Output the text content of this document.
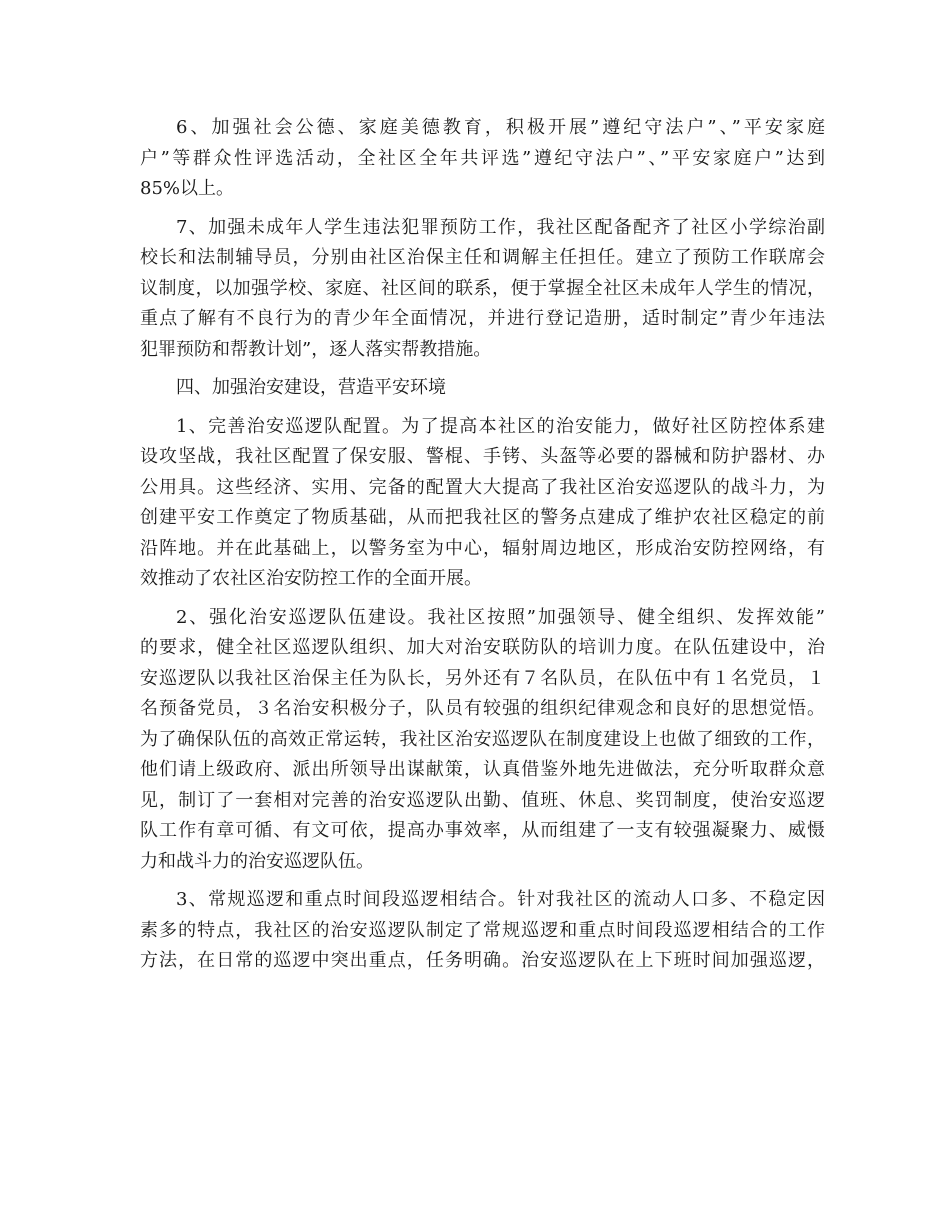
6、加强社会公德、家庭美德教育，积极开展”遵纪守法户”、”平安家庭
户”等群众性评选活动，全社区全年共评选”遵纪守法户”、”平安家庭户”达到
85%以上。
7、加强未成年人学生违法犯罪预防工作，我社区配备配齐了社区小学综治副
校长和法制辅导员，分别由社区治保主任和调解主任担任。建立了预防工作联席会
议制度，以加强学校、家庭、社区间的联系，便于掌握全社区未成年人学生的情况，
重点了解有不良行为的青少年全面情况，并进行登记造册，适时制定”青少年违法
犯罪预防和帮教计划”，逐人落实帮教措施。
四、加强治安建设，营造平安环境
1、完善治安巡逻队配置。为了提高本社区的治安能力，做好社区防控体系建
设攻坚战，我社区配置了保安服、警棍、手铐、头盔等必要的器械和防护器材、办
公用具。这些经济、实用、完备的配置大大提高了我社区治安巡逻队的战斗力，为
创建平安工作奠定了物质基础，从而把我社区的警务点建成了维护农社区稳定的前
沿阵地。并在此基础上，以警务室为中心，辐射周边地区，形成治安防控网络，有
效推动了农社区治安防控工作的全面开展。
2、强化治安巡逻队伍建设。我社区按照”加强领导、健全组织、发挥效能”
的要求，健全社区巡逻队组织、加大对治安联防队的培训力度。在队伍建设中，治
安巡逻队以我社区治保主任为队长，另外还有７名队员，在队伍中有１名党员，１
名预备党员，３名治安积极分子，队员有较强的组织纪律观念和良好的思想觉悟。
为了确保队伍的高效正常运转，我社区治安巡逻队在制度建设上也做了细致的工作，
他们请上级政府、派出所领导出谋献策，认真借鉴外地先进做法，充分听取群众意
见，制订了一套相对完善的治安巡逻队出勤、值班、休息、奖罚制度，使治安巡逻
队工作有章可循、有文可依，提高办事效率，从而组建了一支有较强凝聚力、威慑
力和战斗力的治安巡逻队伍。
3、常规巡逻和重点时间段巡逻相结合。针对我社区的流动人口多、不稳定因
素多的特点，我社区的治安巡逻队制定了常规巡逻和重点时间段巡逻相结合的工作
方法，在日常的巡逻中突出重点，任务明确。治安巡逻队在上下班时间加强巡逻，
